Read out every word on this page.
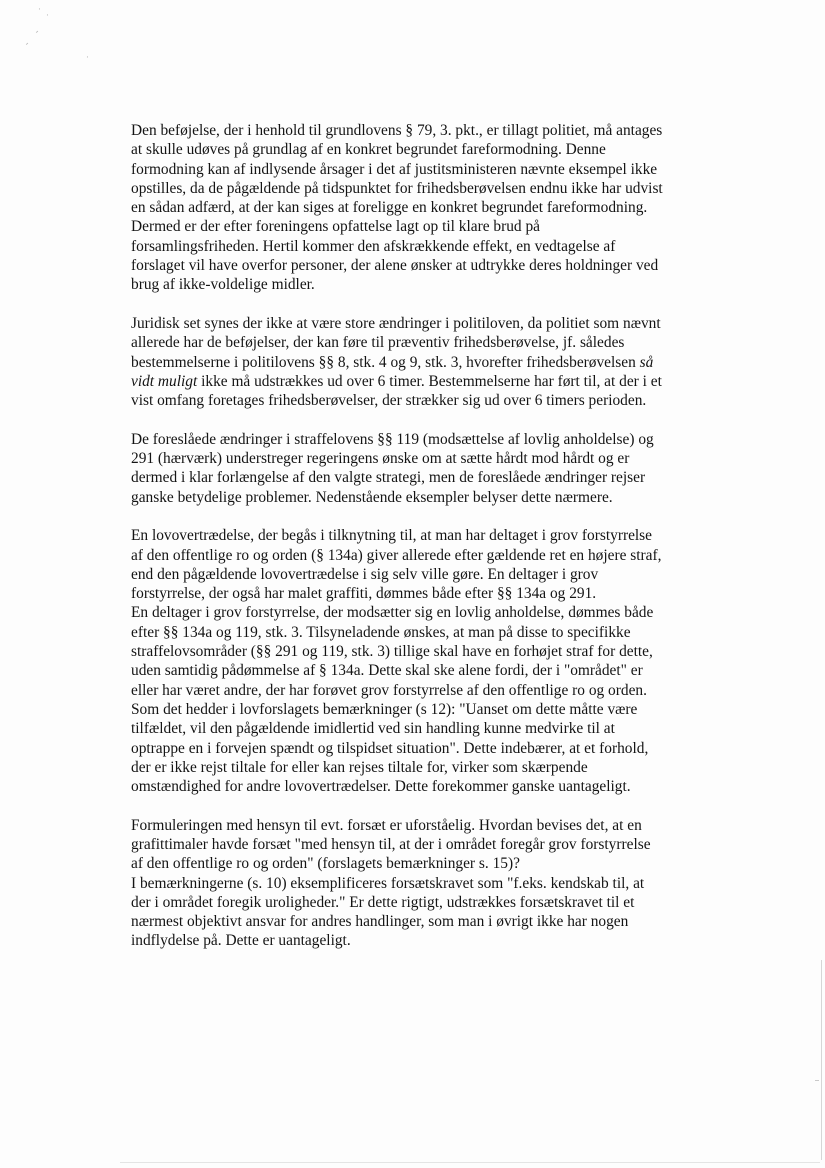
·
·
-
-
·

Den beføjelse, der i henhold til grundlovens § 79, 3. pkt., er tillagt politiet, må antages
at skulle udøves på grundlag af en konkret begrundet fareformodning. Denne
formodning kan af indlysende årsager i det af justitsministeren nævnte eksempel ikke
opstilles, da de pågældende på tidspunktet for frihedsberøvelsen endnu ikke har udvist
en sådan adfærd, at der kan siges at foreligge en konkret begrundet fareformodning.
Dermed er der efter foreningens opfattelse lagt op til klare brud på
forsamlingsfriheden. Hertil kommer den afskrækkende effekt, en vedtagelse af
forslaget vil have overfor personer, der alene ønsker at udtrykke deres holdninger ved
brug af ikke-voldelige midler.

Juridisk set synes der ikke at være store ændringer i politiloven, da politiet som nævnt
allerede har de beføjelser, der kan føre til præventiv frihedsberøvelse, jf. således
bestemmelserne i politilovens §§ 8, stk. 4 og 9, stk. 3, hvorefter frihedsberøvelsen så
vidt muligt ikke må udstrækkes ud over 6 timer. Bestemmelserne har ført til, at der i et
vist omfang foretages frihedsberøvelser, der strækker sig ud over 6 timers perioden.

De foreslåede ændringer i straffelovens §§ 119 (modsættelse af lovlig anholdelse) og
291 (hærværk) understreger regeringens ønske om at sætte hårdt mod hårdt og er
dermed i klar forlængelse af den valgte strategi, men de foreslåede ændringer rejser
ganske betydelige problemer. Nedenstående eksempler belyser dette nærmere.

En lovovertrædelse, der begås i tilknytning til, at man har deltaget i grov forstyrrelse
af den offentlige ro og orden (§ 134a) giver allerede efter gældende ret en højere straf,
end den pågældende lovovertrædelse i sig selv ville gøre. En deltager i grov
forstyrrelse, der også har malet graffiti, dømmes både efter §§ 134a og 291.
En deltager i grov forstyrrelse, der modsætter sig en lovlig anholdelse, dømmes både
efter §§ 134a og 119, stk. 3. Tilsyneladende ønskes, at man på disse to specifikke
straffelovsområder (§§ 291 og 119, stk. 3) tillige skal have en forhøjet straf for dette,
uden samtidig pådømmelse af § 134a. Dette skal ske alene fordi, der i "området" er
eller har været andre, der har forøvet grov forstyrrelse af den offentlige ro og orden.
Som det hedder i lovforslagets bemærkninger (s 12): "Uanset om dette måtte være
tilfældet, vil den pågældende imidlertid ved sin handling kunne medvirke til at
optrappe en i forvejen spændt og tilspidset situation". Dette indebærer, at et forhold,
der er ikke rejst tiltale for eller kan rejses tiltale for, virker som skærpende
omstændighed for andre lovovertrædelser. Dette forekommer ganske uantageligt.

Formuleringen med hensyn til evt. forsæt er uforståelig. Hvordan bevises det, at en
grafittimaler havde forsæt "med hensyn til, at der i området foregår grov forstyrrelse
af den offentlige ro og orden" (forslagets bemærkninger s. 15)?
I bemærkningerne (s. 10) eksemplificeres forsætskravet som "f.eks. kendskab til, at
der i området foregik uroligheder." Er dette rigtigt, udstrækkes forsætskravet til et
nærmest objektivt ansvar for andres handlinger, som man i øvrigt ikke har nogen
indflydelse på. Dette er uantageligt.
